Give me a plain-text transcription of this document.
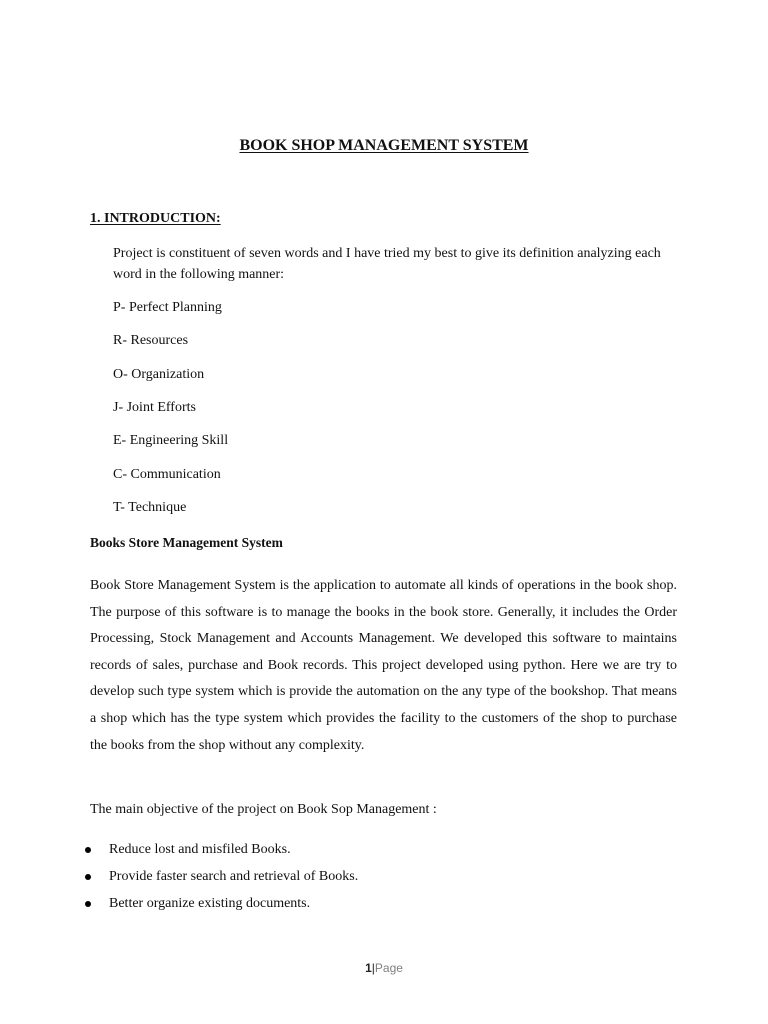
BOOK SHOP MANAGEMENT SYSTEM
1. INTRODUCTION:

Project is constituent of seven words and I have tried my best to give its definition analyzing each word in the following manner:

P- Perfect Planning
R- Resources
O- Organization
J- Joint Efforts
E- Engineering Skill
C- Communication
T- Technique
Books Store Management System

Book Store Management System is the application to automate all kinds of operations in the book shop. The purpose of this software is to manage the books in the book store. Generally, it includes the Order Processing, Stock Management and Accounts Management. We developed this software to maintains records of sales, purchase and Book records. This project developed using python. Here we are try to develop such type system which is provide the automation on the any type of the bookshop. That means a shop which has the type system which provides the facility to the customers of the shop to purchase the books from the shop without any complexity.

The main objective of the project on Book Sop Management :
Reduce lost and misfiled Books.
Provide faster search and retrieval of Books.
Better organize existing documents.
1|Page
